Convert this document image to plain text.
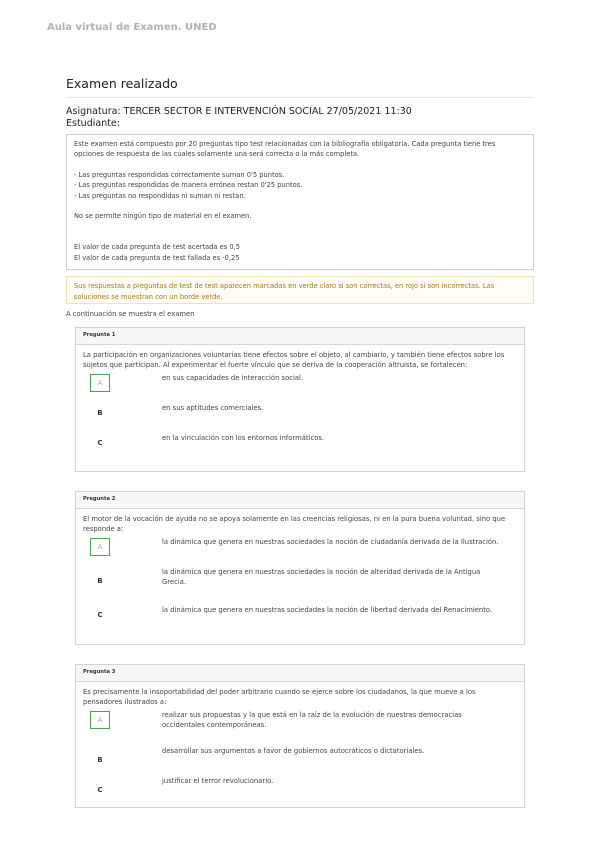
Aula virtual de Examen. UNED
Examen realizado
Asignatura: TERCER SECTOR E INTERVENCIÓN SOCIAL 27/05/2021 11:30
Estudiante:
Este examen está compuesto por 20 preguntas tipo test relacionadas con la bibliografía obligatoria. Cada pregunta tiene tres opciones de respuesta de las cuales solamente una será correcta o la más completa.
- Las preguntas respondidas correctamente suman 0'5 puntos.
- Las preguntas respondidas de manera errónea restan 0'25 puntos.
- Las preguntas no respondidas ni suman ni restan.
No se permite ningún tipo de material en el examen.
El valor de cada pregunta de test acertada es 0,5
El valor de cada pregunta de test fallada es -0,25
Sus respuestas a preguntas de test de test aparecen marcadas en verde claro si son correctas, en rojo si son incorrectas. Las soluciones se muestran con un borde verde.
A continuación se muestra el examen
Pregunta 1
La participación en organizaciones voluntarias tiene efectos sobre el objeto, al cambiarlo, y también tiene efectos sobre los sujetos que participan. Al experimentar el fuerte vínculo que se deriva de la cooperación altruista, se fortalecen:
A
en sus capacidades de interacción social.
B
en sus aptitudes comerciales.
C
en la vinculación con los entornos informáticos.
Pregunta 2
El motor de la vocación de ayuda no se apoya solamente en las creencias religiosas, ni en la pura buena voluntad, sino que responde a:
A
la dinámica que genera en nuestras sociedades la noción de ciudadanía derivada de la Ilustración.
B
la dinámica que genera en nuestras sociedades la noción de alteridad derivada de la Antigua Grecia.
C
la dinámica que genera en nuestras sociedades la noción de libertad derivada del Renacimiento.
Pregunta 3
Es precisamente la insoportabilidad del poder arbitrario cuando se ejerce sobre los ciudadanos, la que mueve a los pensadores ilustrados a:
A
realizar sus propuestas y la que está en la raíz de la evolución de nuestras democracias occidentales contemporáneas.
B
desarrollar sus argumentos a favor de gobiernos autocráticos o dictatoriales.
C
justificar el terror revolucionario.
